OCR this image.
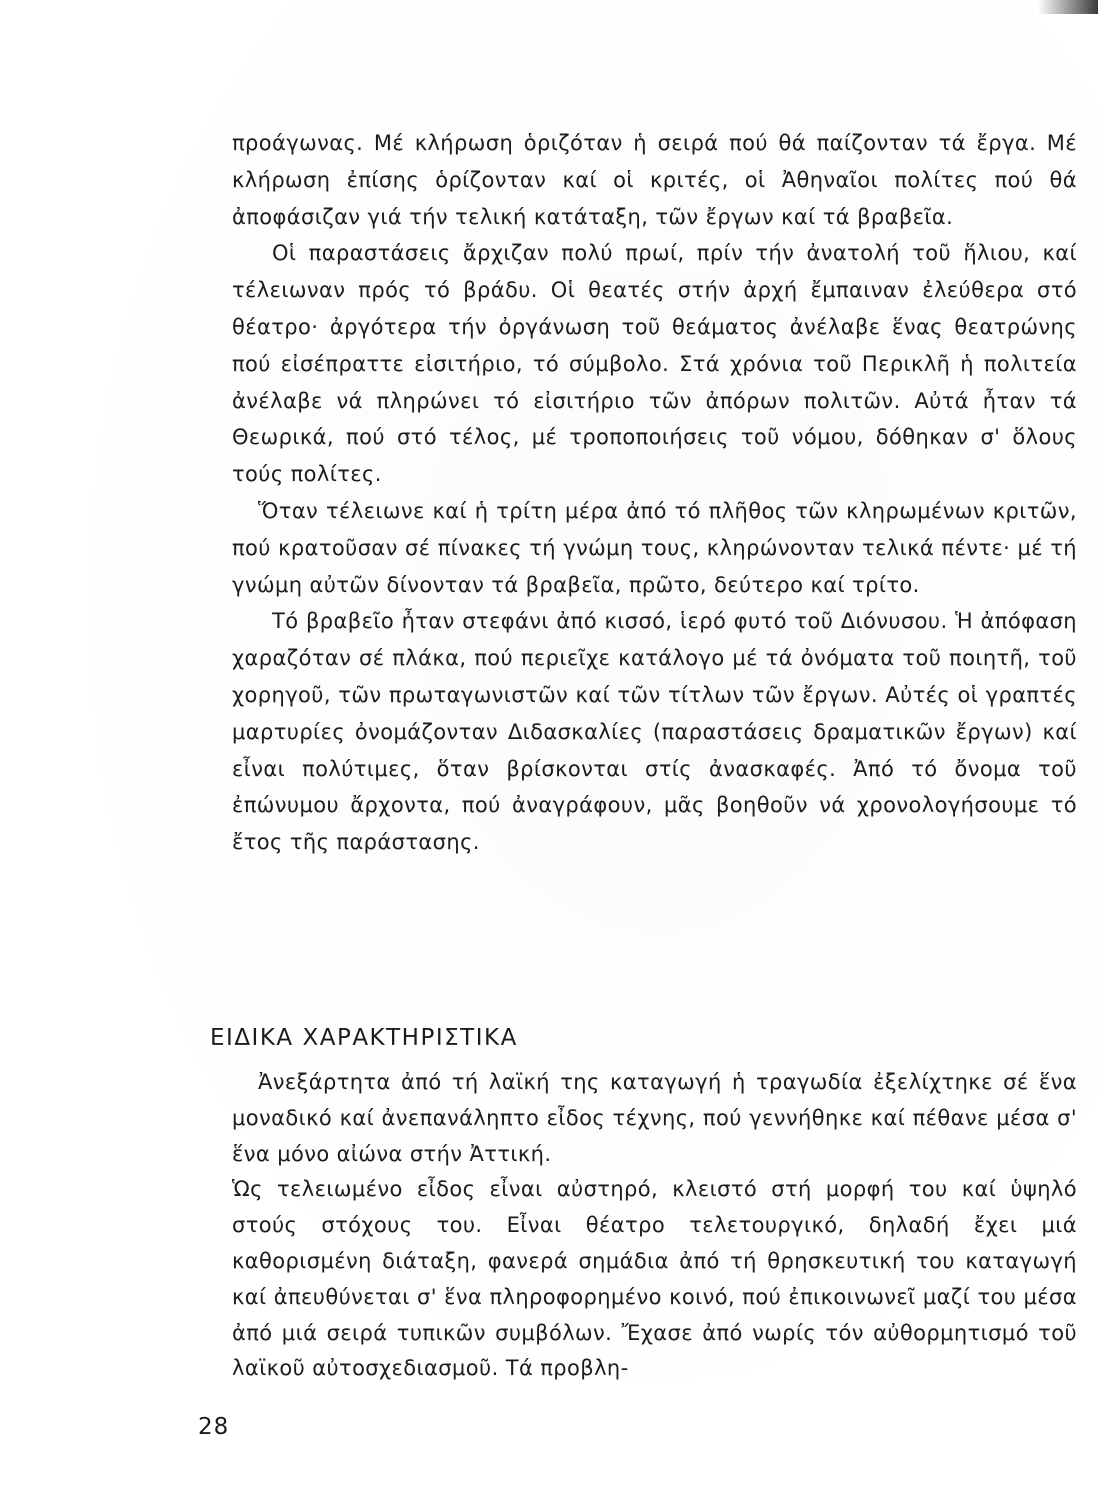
προάγωνας. Μέ κλήρωση ὁριζόταν ἡ σειρά πού θά παίζονταν τά ἔργα. Μέ κλήρωση ἐπίσης ὁρίζονταν καί οἱ κριτές, οἱ Ἀθηναῖοι πολίτες πού θά ἀποφάσιζαν γιά τήν τελική κατάταξη, τῶν ἔργων καί τά βραβεῖα.

Οἱ παραστάσεις ἄρχιζαν πολύ πρωί, πρίν τήν ἀνατολή τοῦ ἥλιου, καί τέλειωναν πρός τό βράδυ. Οἱ θεατές στήν ἀρχή ἔμπαιναν ἐλεύθερα στό θέατρο· ἀργότερα τήν ὀργάνωση τοῦ θεάματος ἀνέλαβε ἕνας θεατρώνης πού εἰσέπραττε εἰσιτήριο, τό σύμβολο. Στά χρόνια τοῦ Περικλῆ ἡ πολιτεία ἀνέλαβε νά πληρώνει τό εἰσιτήριο τῶν ἀπόρων πολιτῶν. Αὐτά ἦταν τά Θεωρικά, πού στό τέλος, μέ τροποποιήσεις τοῦ νόμου, δόθηκαν σ' ὅλους τούς πολίτες.

Ὅταν τέλειωνε καί ἡ τρίτη μέρα ἀπό τό πλῆθος τῶν κληρωμένων κριτῶν, πού κρατοῦσαν σέ πίνακες τή γνώμη τους, κληρώνονταν τελικά πέντε· μέ τή γνώμη αὐτῶν δίνονταν τά βραβεῖα, πρῶτο, δεύτερο καί τρίτο.

Τό βραβεῖο ἦταν στεφάνι ἀπό κισσό, ἱερό φυτό τοῦ Διόνυσου. Ἡ ἀπόφαση χαραζόταν σέ πλάκα, πού περιεῖχε κατάλογο μέ τά ὀνόματα τοῦ ποιητῆ, τοῦ χορηγοῦ, τῶν πρωταγωνιστῶν καί τῶν τίτλων τῶν ἔργων. Αὐτές οἱ γραπτές μαρτυρίες ὀνομάζονταν Διδασκαλίες (παραστάσεις δραματικῶν ἔργων) καί εἶναι πολύτιμες, ὅταν βρίσκονται στίς ἀνασκαφές. Ἀπό τό ὄνομα τοῦ ἐπώνυμου ἄρχοντα, πού ἀναγράφουν, μᾶς βοηθοῦν νά χρονολογήσουμε τό ἔτος τῆς παράστασης.

ΕΙΔΙΚΑ ΧΑΡΑΚΤΗΡΙΣΤΙΚΑ

Ἀνεξάρτητα ἀπό τή λαϊκή της καταγωγή ἡ τραγωδία ἐξελίχτηκε σέ ἕνα μοναδικό καί ἀνεπανάληπτο εἶδος τέχνης, πού γεννήθηκε καί πέθανε μέσα σ' ἕνα μόνο αἰώνα στήν Ἀττική.

Ὡς τελειωμένο εἶδος εἶναι αὐστηρό, κλειστό στή μορφή του καί ὑψηλό στούς στόχους του. Εἶναι θέατρο τελετουργικό, δηλαδή ἔχει μιά καθορισμένη διάταξη, φανερά σημάδια ἀπό τή θρησκευτική του καταγωγή καί ἀπευθύνεται σ' ἕνα πληροφορημένο κοινό, πού ἐπικοινωνεῖ μαζί του μέσα ἀπό μιά σειρά τυπικῶν συμβόλων. Ἔχασε ἀπό νωρίς τόν αὐθορμητισμό τοῦ λαϊκοῦ αὐτοσχεδιασμοῦ. Τά προβλη-

28
